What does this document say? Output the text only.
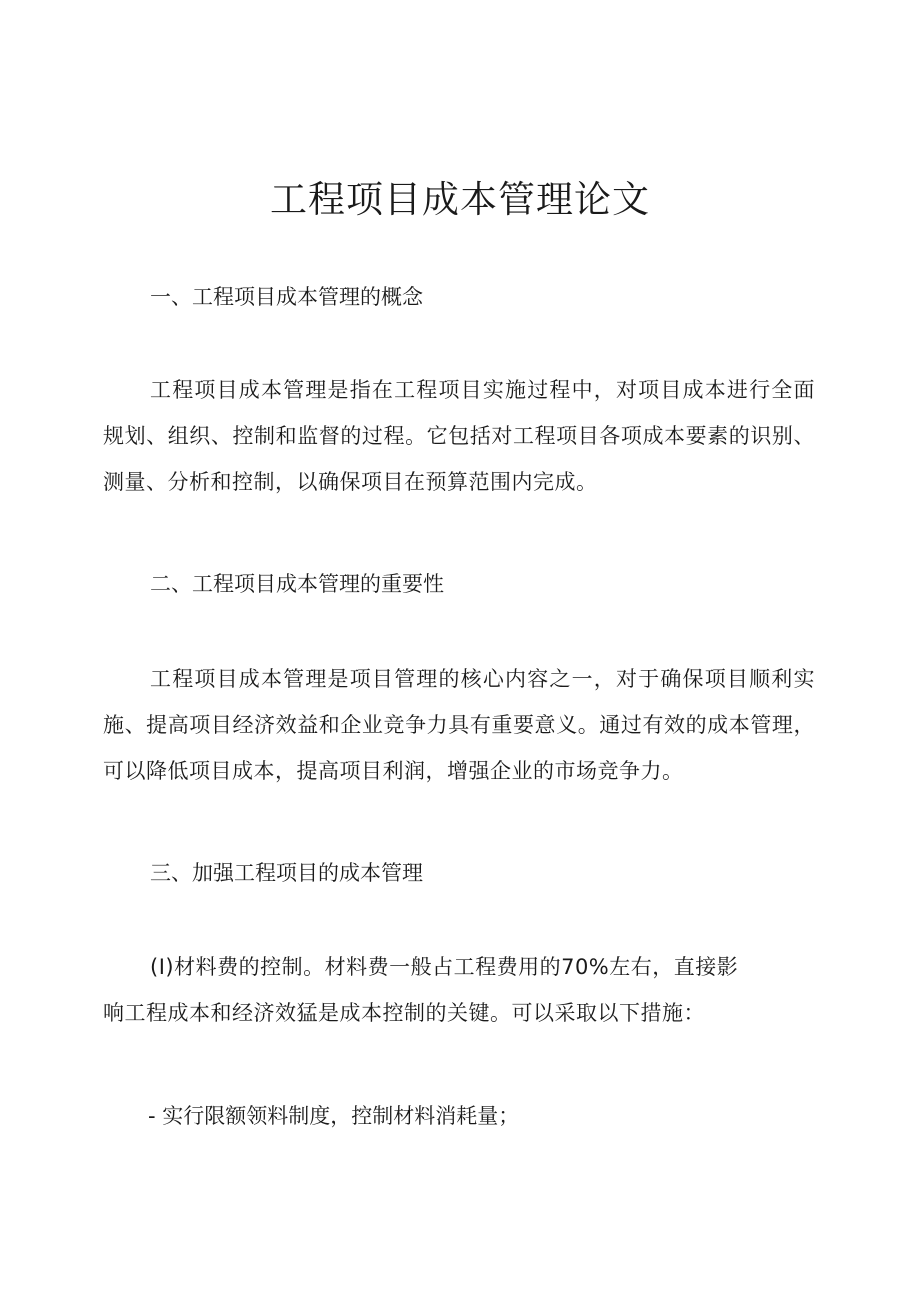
工程项目成本管理论文
一、工程项目成本管理的概念

工程项目成本管理是指在工程项目实施过程中，对项目成本进行全面规划、组织、控制和监督的过程。它包括对工程项目各项成本要素的识别、测量、分析和控制，以确保项目在预算范围内完成。

二、工程项目成本管理的重要性

工程项目成本管理是项目管理的核心内容之一，对于确保项目顺利实施、提高项目经济效益和企业竞争力具有重要意义。通过有效的成本管理，可以降低项目成本，提高项目利润，增强企业的市场竞争力。

三、加强工程项目的成本管理
(I)材料费的控制。材料费一般占工程费用的70%左右，直接影
响工程成本和经济效猛是成本控制的关键。可以采取以下措施：

- 实行限额领料制度，控制材料消耗量；
